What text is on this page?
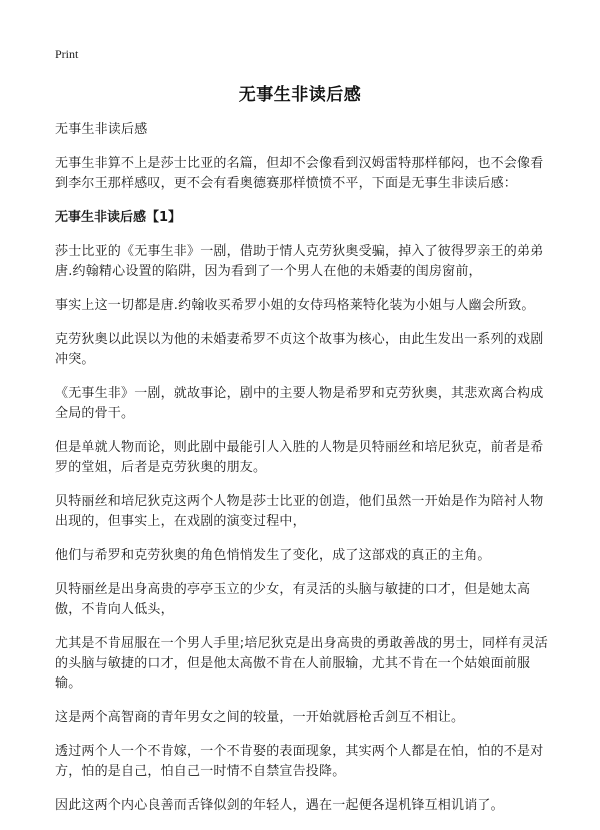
Print
无事生非读后感

无事生非读后感

无事生非算不上是莎士比亚的名篇，但却不会像看到汉姆雷特那样郁闷，也不会像看到李尔王那样感叹，更不会有看奥德赛那样愤愤不平，下面是无事生非读后感：

无事生非读后感【1】

莎士比亚的《无事生非》一剧，借助于情人克劳狄奥受骗，掉入了彼得罗亲王的弟弟唐.约翰精心设置的陷阱，因为看到了一个男人在他的未婚妻的闺房窗前，

事实上这一切都是唐.约翰收买希罗小姐的女侍玛格莱特化装为小姐与人幽会所致。

克劳狄奥以此误以为他的未婚妻希罗不贞这个故事为核心，由此生发出一系列的戏剧冲突。

《无事生非》一剧，就故事论，剧中的主要人物是希罗和克劳狄奥，其悲欢离合构成全局的骨干。

但是单就人物而论，则此剧中最能引人入胜的人物是贝特丽丝和培尼狄克，前者是希罗的堂姐，后者是克劳狄奥的朋友。

贝特丽丝和培尼狄克这两个人物是莎士比亚的创造，他们虽然一开始是作为陪衬人物出现的，但事实上，在戏剧的演变过程中，

他们与希罗和克劳狄奥的角色悄悄发生了变化，成了这部戏的真正的主角。

贝特丽丝是出身高贵的亭亭玉立的少女，有灵活的头脑与敏捷的口才，但是她太高傲，不肯向人低头，

尤其是不肯屈服在一个男人手里;培尼狄克是出身高贵的勇敢善战的男士，同样有灵活的头脑与敏捷的口才，但是他太高傲不肯在人前服输，尤其不肯在一个姑娘面前服输。

这是两个高智商的青年男女之间的较量，一开始就唇枪舌剑互不相让。

透过两个人一个不肯嫁，一个不肯娶的表面现象，其实两个人都是在怕，怕的不是对方，怕的是自己，怕自己一时情不自禁宣告投降。

因此这两个内心良善而舌锋似剑的年轻人，遇在一起便各逞机锋互相讥诮了。
